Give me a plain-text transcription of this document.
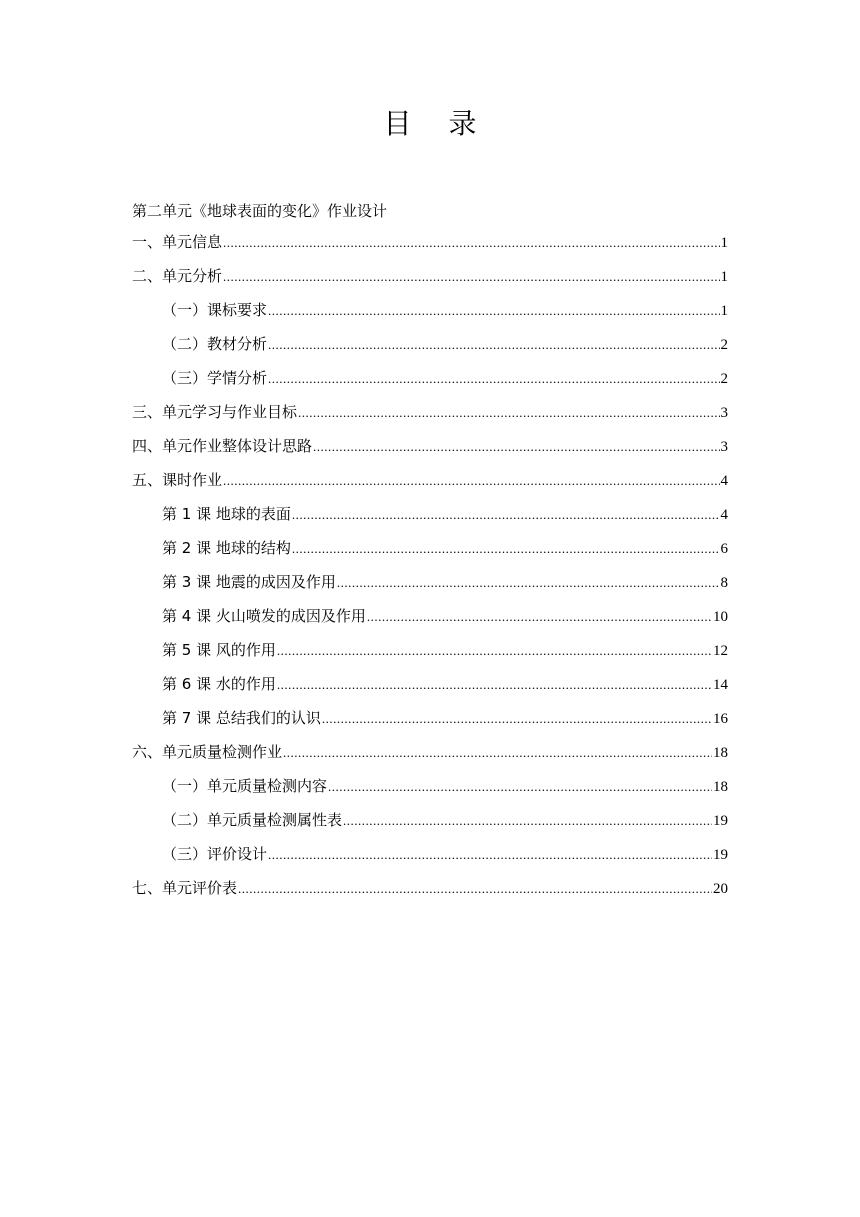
目 录
第二单元《地球表面的变化》作业设计
一、单元信息 .....	1
二、单元分析 .....	1
（一）课标要求 .....	1
（二）教材分析 .....	2
（三）学情分析 .....	2
三、单元学习与作业目标 .....	3
四、单元作业整体设计思路 .....	3
五、课时作业 .....	4
第 1 课 地球的表面 .....	4
第 2 课 地球的结构 .....	6
第 3 课 地震的成因及作用 .....	8
第 4 课 火山喷发的成因及作用 .....	10
第 5 课 风的作用 .....	12
第 6 课 水的作用 .....	14
第 7 课 总结我们的认识 .....	16
六、单元质量检测作业 .....	18
（一）单元质量检测内容 .....	18
（二）单元质量检测属性表 .....	19
（三）评价设计 .....	19
七、单元评价表 .....	20
